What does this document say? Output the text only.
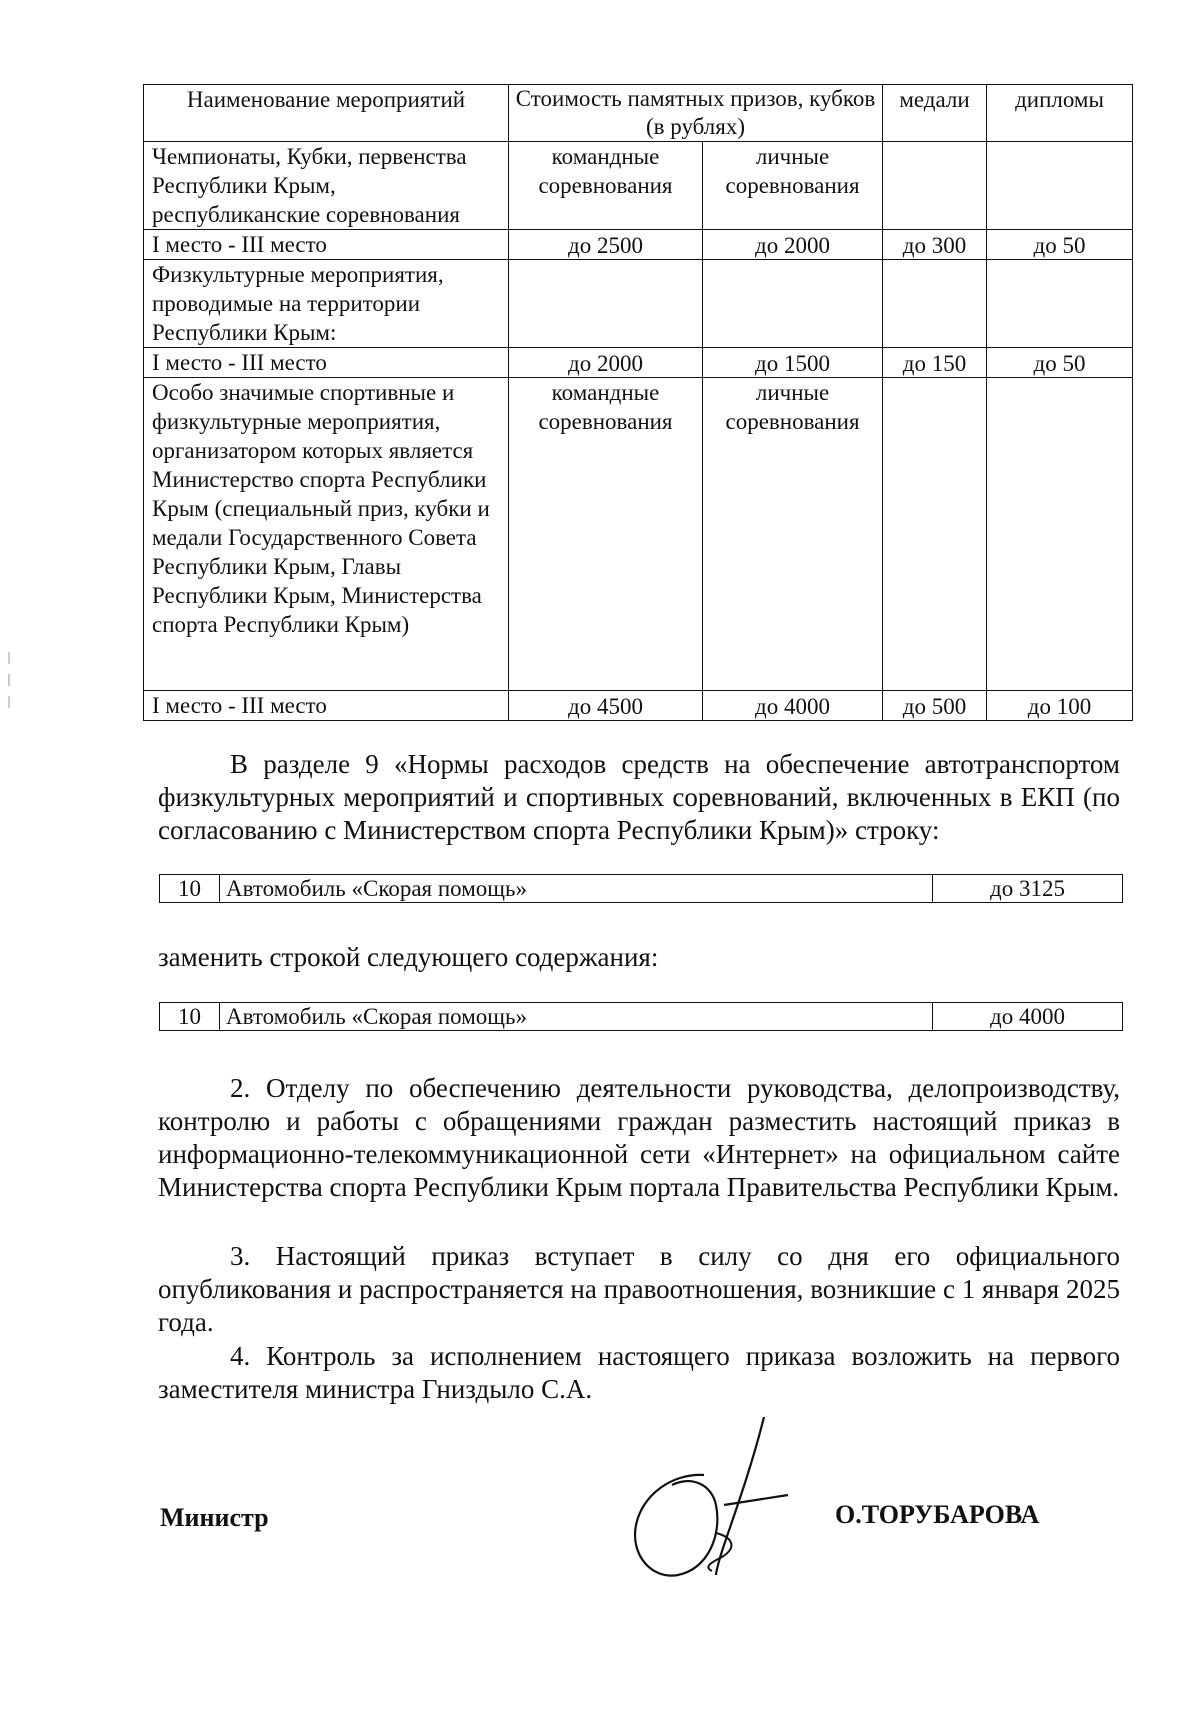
Наименование мероприятий	Стоимость памятных призов, кубков (в рублях)		медали	дипломы
Чемпионаты, Кубки, первенства Республики Крым, республиканские соревнования	командные соревнования	личные соревнования		
I место - III место	до 2500	до 2000	до 300	до 50
Физкультурные мероприятия, проводимые на территории Республики Крым:				
I место - III место	до 2000	до 1500	до 150	до 50
Особо значимые спортивные и физкультурные мероприятия, организатором которых является Министерство спорта Республики Крым (специальный приз, кубки и медали Государственного Совета Республики Крым, Главы Республики Крым, Министерства спорта Республики Крым)	командные соревнования	личные соревнования		
I место - III место	до 4500	до 4000	до 500	до 100
В разделе 9 «Нормы расходов средств на обеспечение автотранспортом физкультурных мероприятий и спортивных соревнований, включенных в ЕКП (по согласованию с Министерством спорта Республики Крым)» строку:
10	Автомобиль «Скорая помощь»	до 3125
заменить строкой следующего содержания:
10	Автомобиль «Скорая помощь»	до 4000
2. Отделу по обеспечению деятельности руководства, делопроизводству, контролю и работы с обращениями граждан разместить настоящий приказ в информационно-телекоммуникационной сети «Интернет» на официальном сайте Министерства спорта Республики Крым портала Правительства Республики Крым.
3. Настоящий приказ вступает в силу со дня его официального опубликования и распространяется на правоотношения, возникшие с 1 января 2025 года.
4. Контроль за исполнением настоящего приказа возложить на первого заместителя министра Гниздыло С.А.
Министр	О.ТОРУБАРОВА
